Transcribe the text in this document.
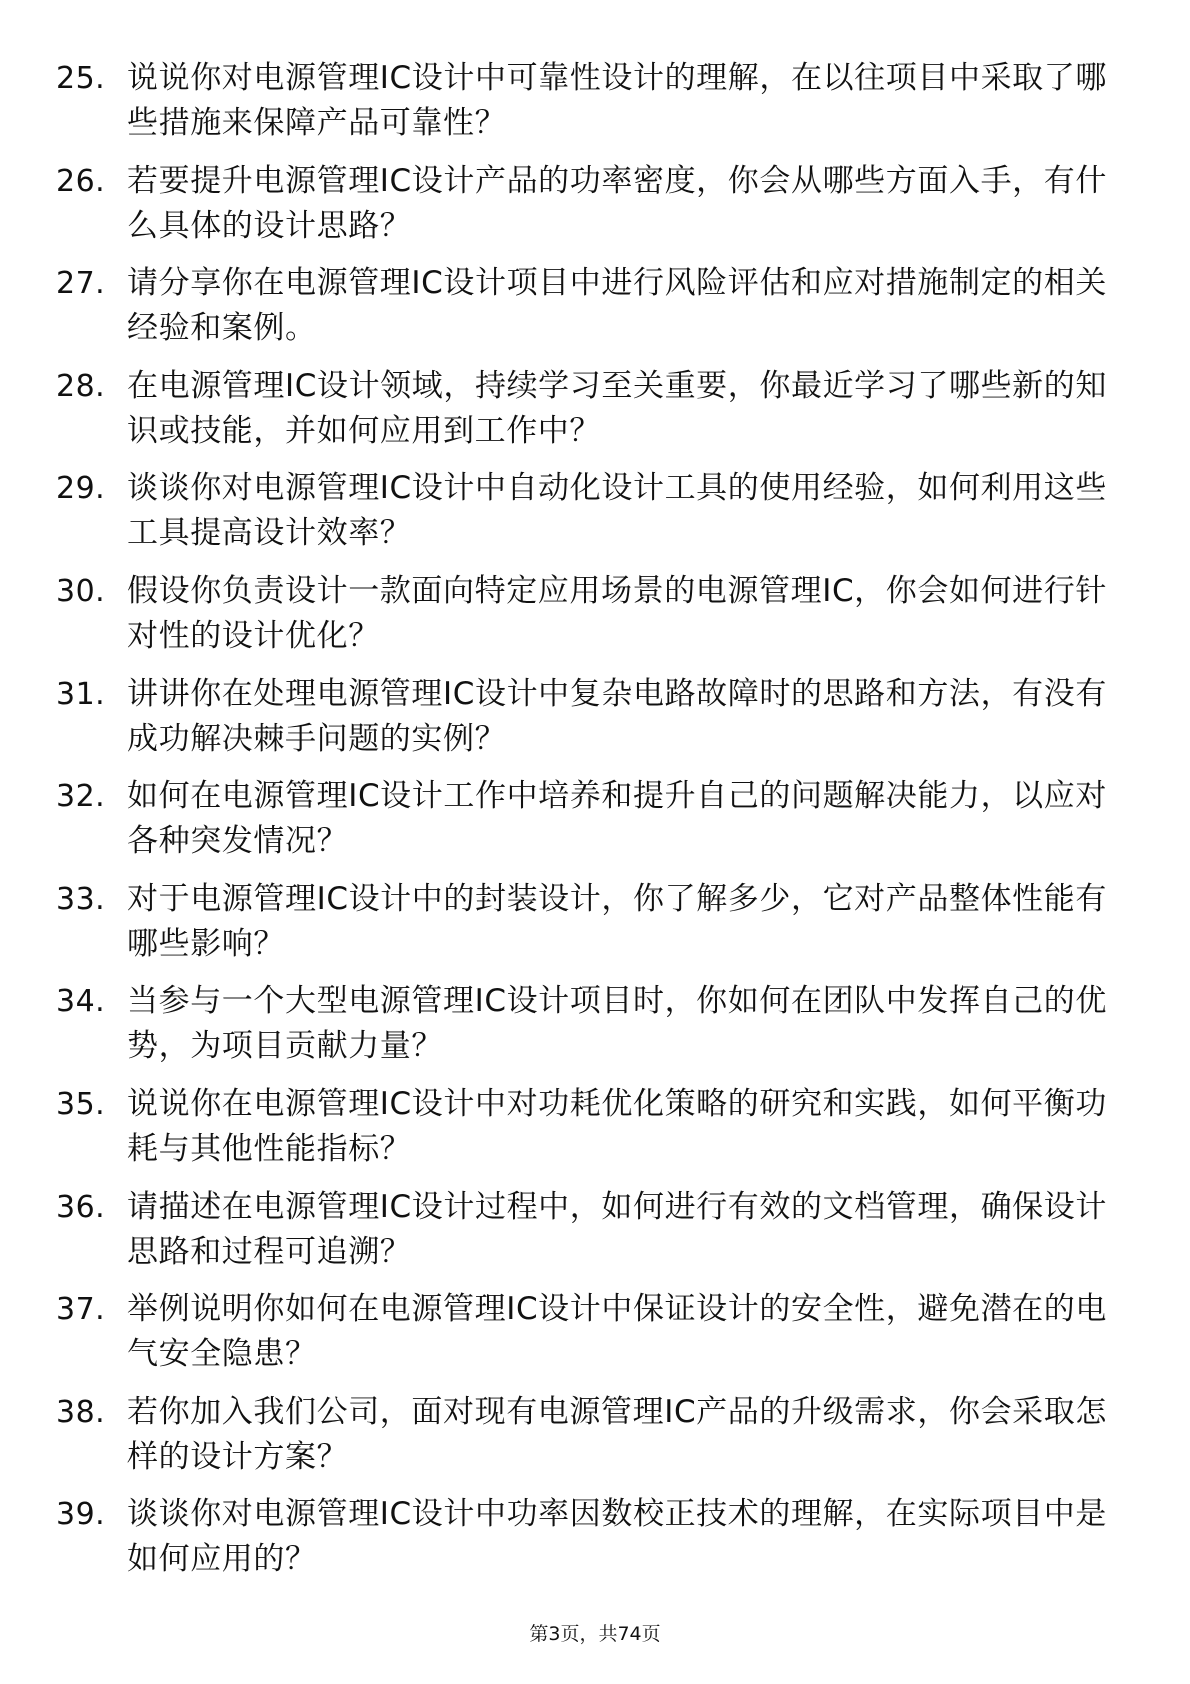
25. 说说你对电源管理IC设计中可靠性设计的理解，在以往项目中采取了哪些措施来保障产品可靠性？
26. 若要提升电源管理IC设计产品的功率密度，你会从哪些方面入手，有什么具体的设计思路？
27. 请分享你在电源管理IC设计项目中进行风险评估和应对措施制定的相关经验和案例。
28. 在电源管理IC设计领域，持续学习至关重要，你最近学习了哪些新的知识或技能，并如何应用到工作中？
29. 谈谈你对电源管理IC设计中自动化设计工具的使用经验，如何利用这些工具提高设计效率？
30. 假设你负责设计一款面向特定应用场景的电源管理IC，你会如何进行针对性的设计优化？
31. 讲讲你在处理电源管理IC设计中复杂电路故障时的思路和方法，有没有成功解决棘手问题的实例？
32. 如何在电源管理IC设计工作中培养和提升自己的问题解决能力，以应对各种突发情况？
33. 对于电源管理IC设计中的封装设计，你了解多少，它对产品整体性能有哪些影响？
34. 当参与一个大型电源管理IC设计项目时，你如何在团队中发挥自己的优势，为项目贡献力量？
35. 说说你在电源管理IC设计中对功耗优化策略的研究和实践，如何平衡功耗与其他性能指标？
36. 请描述在电源管理IC设计过程中，如何进行有效的文档管理，确保设计思路和过程可追溯？
37. 举例说明你如何在电源管理IC设计中保证设计的安全性，避免潜在的电气安全隐患？
38. 若你加入我们公司，面对现有电源管理IC产品的升级需求，你会采取怎样的设计方案？
39. 谈谈你对电源管理IC设计中功率因数校正技术的理解，在实际项目中是如何应用的？
第3页，共74页
